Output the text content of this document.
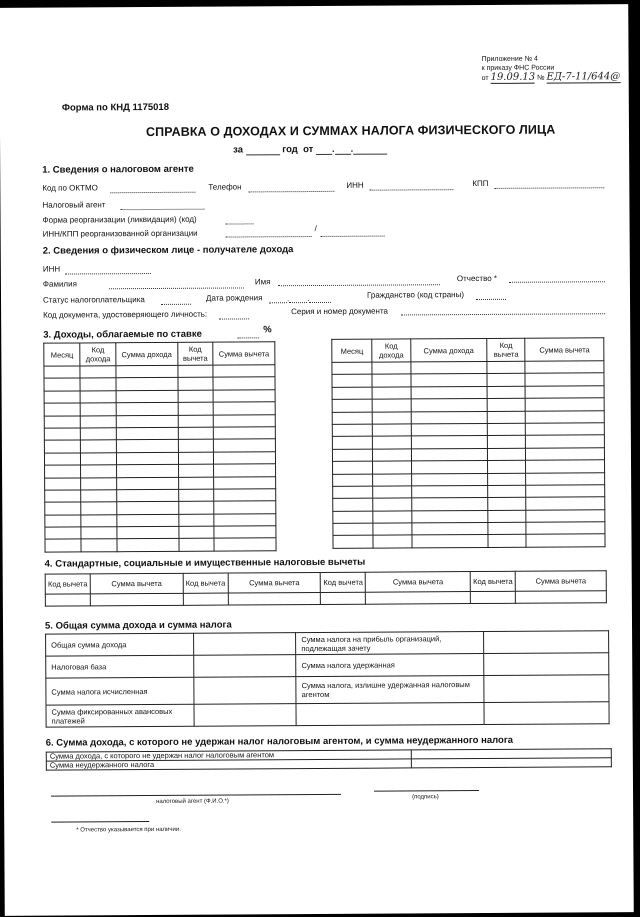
Приложение № 4
к приказу ФНС России
от 19.09.13 № ЕД-7-11/644@
Форма по КНД 1175018
СПРАВКА О ДОХОДАХ И СУММАХ НАЛОГА ФИЗИЧЕСКОГО ЛИЦА
за	год от . .
1. Сведения о налоговом агенте
Код по ОКТМО	Телефон	ИНН	КПП
Налоговый агент
Форма реорганизации (ликвидация) (код)
ИНН/КПП реорганизованной организации
/
2. Сведения о физическом лице - получателе дохода
ИНН
Фамилия	Имя	Отчество *
Статус налогоплательщика	Дата рождения	. .	Гражданство (код страны)
Код документа, удостоверяющего личность:	Серия и номер документа
3. Доходы, облагаемые по ставке	%
Месяц	Код дохода	Сумма дохода	Код вычета	Сумма вычета

					Месяц	Код дохода	Сумма дохода	Код вычета	Сумма вычета

4. Стандартные, социальные и имущественные налоговые вычеты
Код вычета	Сумма вычета	Код вычета	Сумма вычета	Код вычета	Сумма вычета	Код вычета	Сумма вычета

5. Общая сумма дохода и сумма налога
Общая сумма дохода		Сумма налога на прибыль организаций, подлежащая зачету	
Налоговая база		Сумма налога удержанная	
Сумма налога исчисленная		Сумма налога, излишне удержанная налоговым агентом	
Сумма фиксированных авансовых платежей			
6. Сумма дохода, с которого не удержан налог налоговым агентом, и сумма неудержанного налога
Сумма дохода, с которого не удержан налог налоговым агентом	
Сумма неудержанного налога	
налоговый агент (Ф.И.О.*)
(подпись)
* Отчество указывается при наличии.
